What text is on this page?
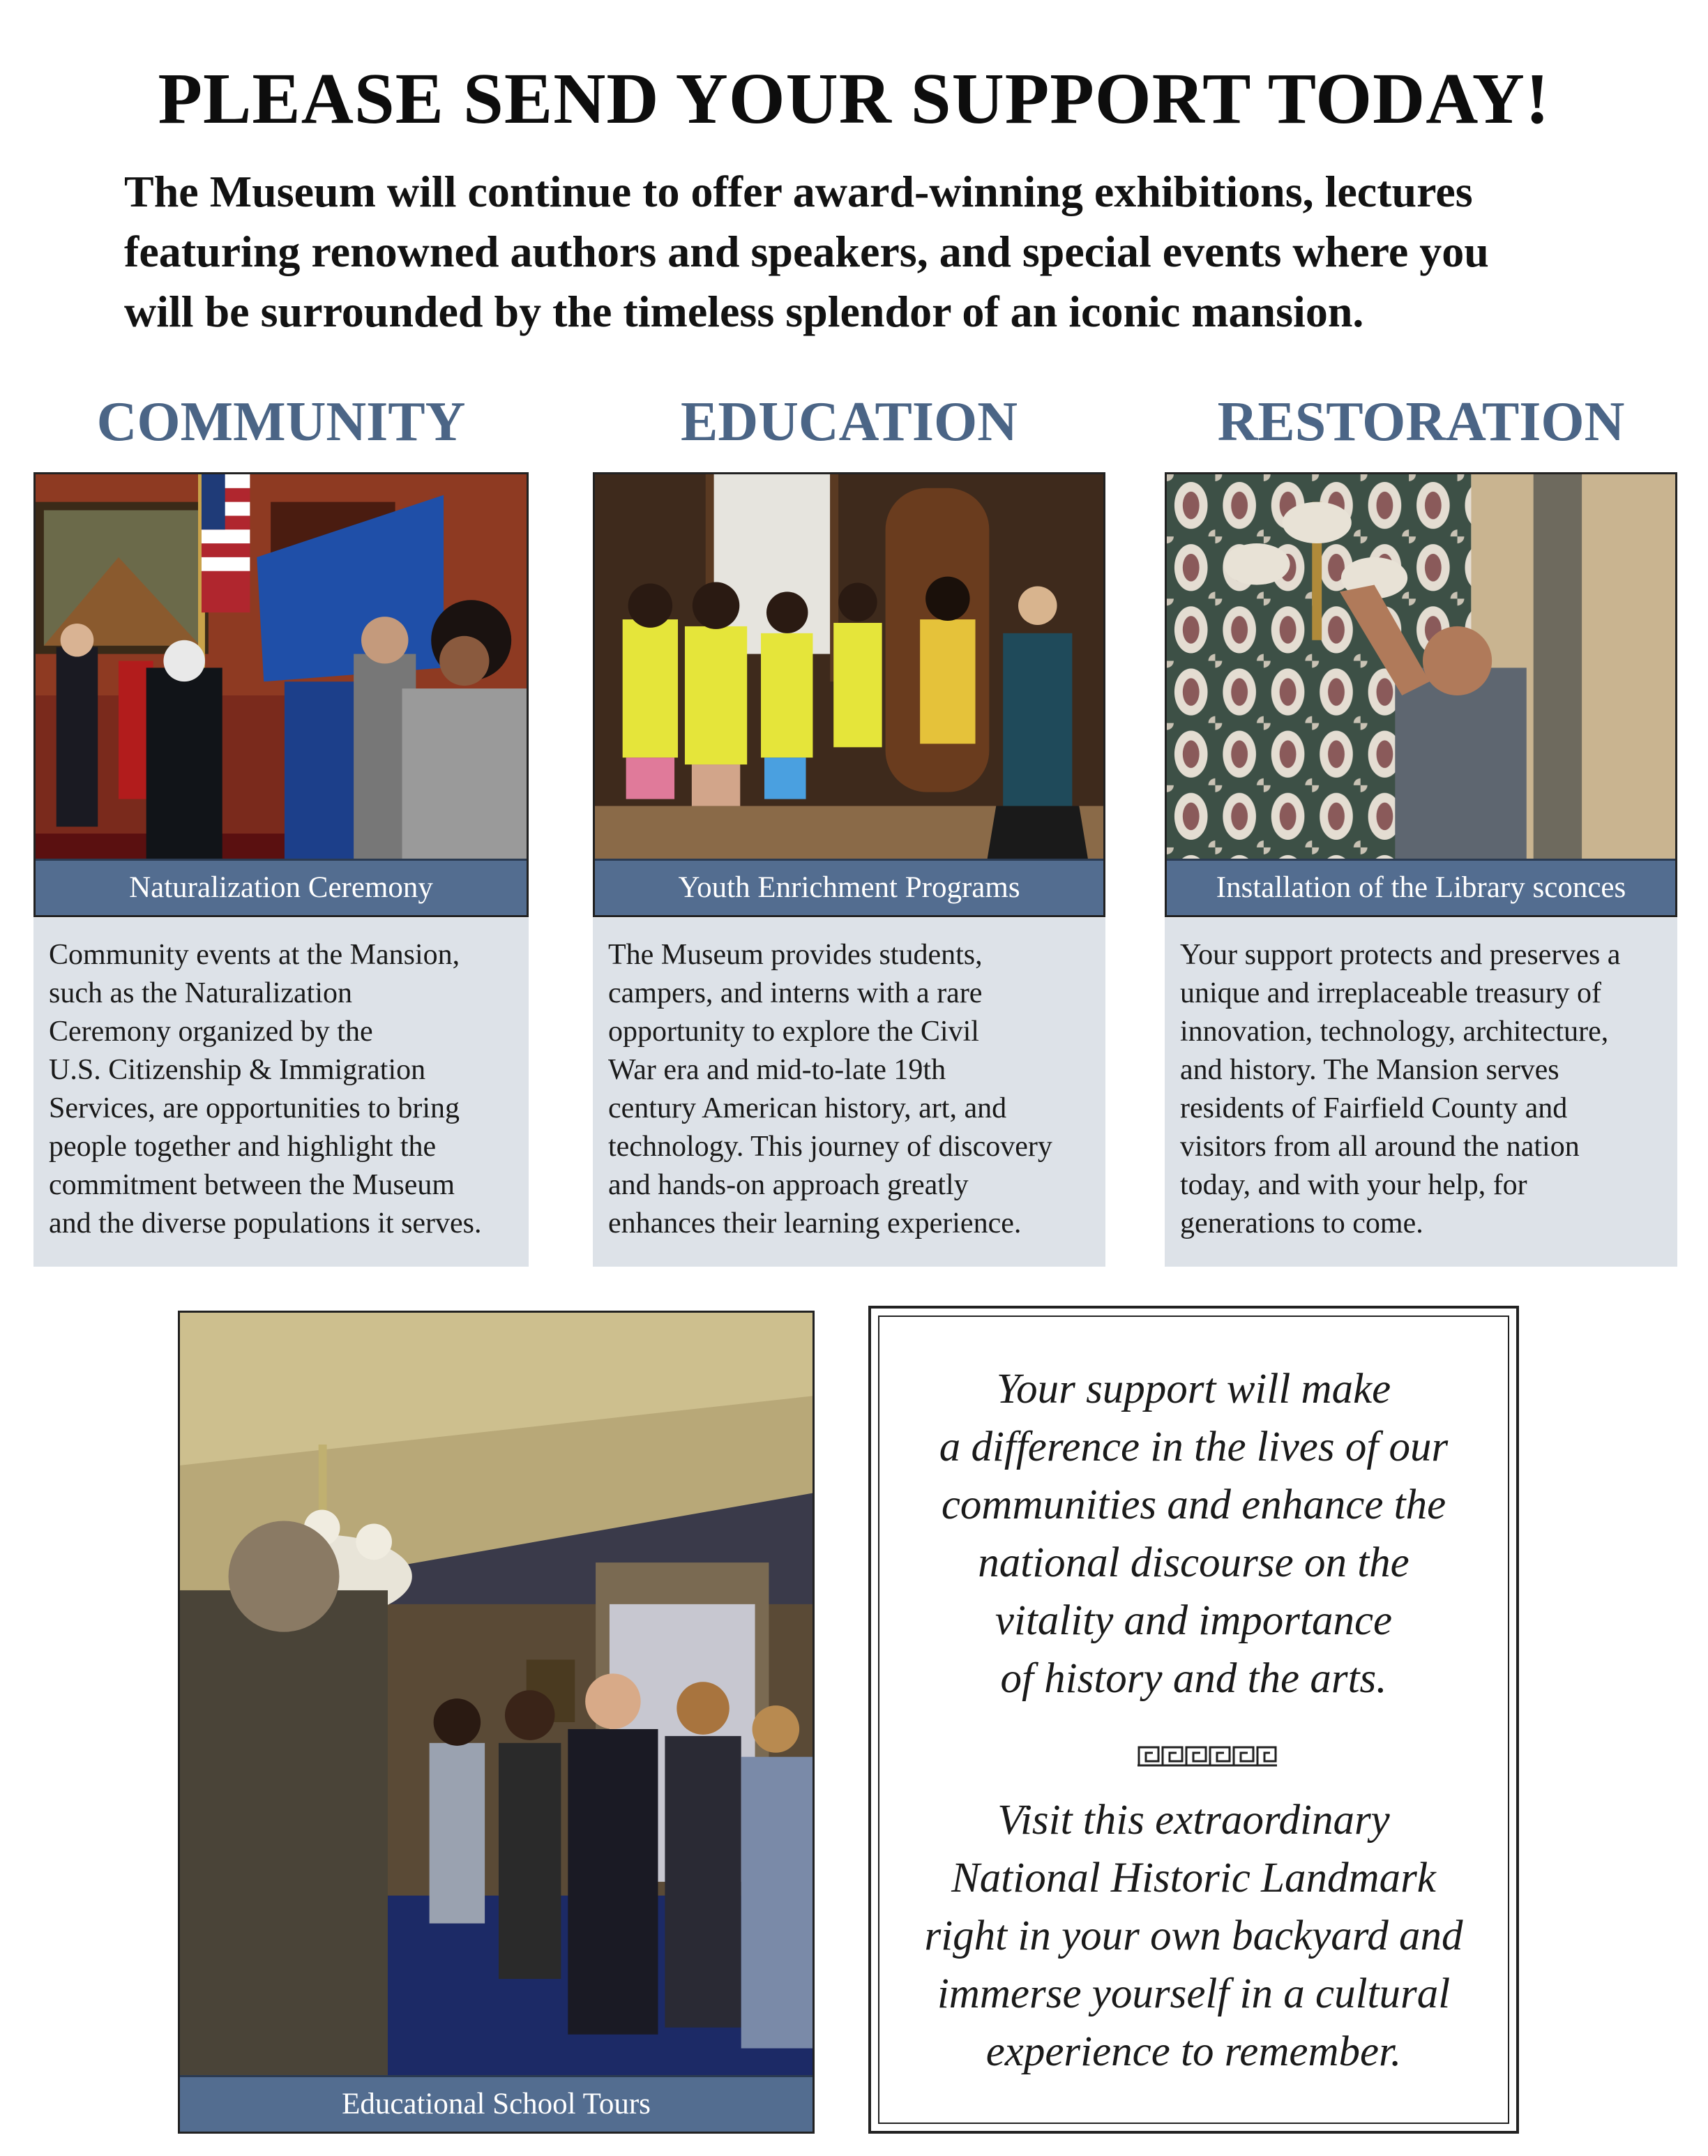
PLEASE SEND YOUR SUPPORT TODAY!
The Museum will continue to offer award-winning exhibitions, lectures
featuring renowned authors and speakers, and special events where you
will be surrounded by the timeless splendor of an iconic mansion.
COMMUNITY	EDUCATION	RESTORATION
Naturalization Ceremony	Youth Enrichment Programs	Installation of the Library sconces
Community events at the Mansion,
such as the Naturalization
Ceremony organized by the
U.S. Citizenship & Immigration
Services, are opportunities to bring
people together and highlight the
commitment between the Museum
and the diverse populations it serves.
The Museum provides students,
campers, and interns with a rare
opportunity to explore the Civil
War era and mid-to-late 19th
century American history, art, and
technology. This journey of discovery
and hands-on approach greatly
enhances their learning experience.
Your support protects and preserves a
unique and irreplaceable treasury of
innovation, technology, architecture,
and history. The Mansion serves
residents of Fairfield County and
visitors from all around the nation
today, and with your help, for
generations to come.
Educational School Tours
Your support will make
a difference in the lives of our
communities and enhance the
national discourse on the
vitality and importance
of history and the arts.
Visit this extraordinary
National Historic Landmark
right in your own backyard and
immerse yourself in a cultural
experience to remember.
